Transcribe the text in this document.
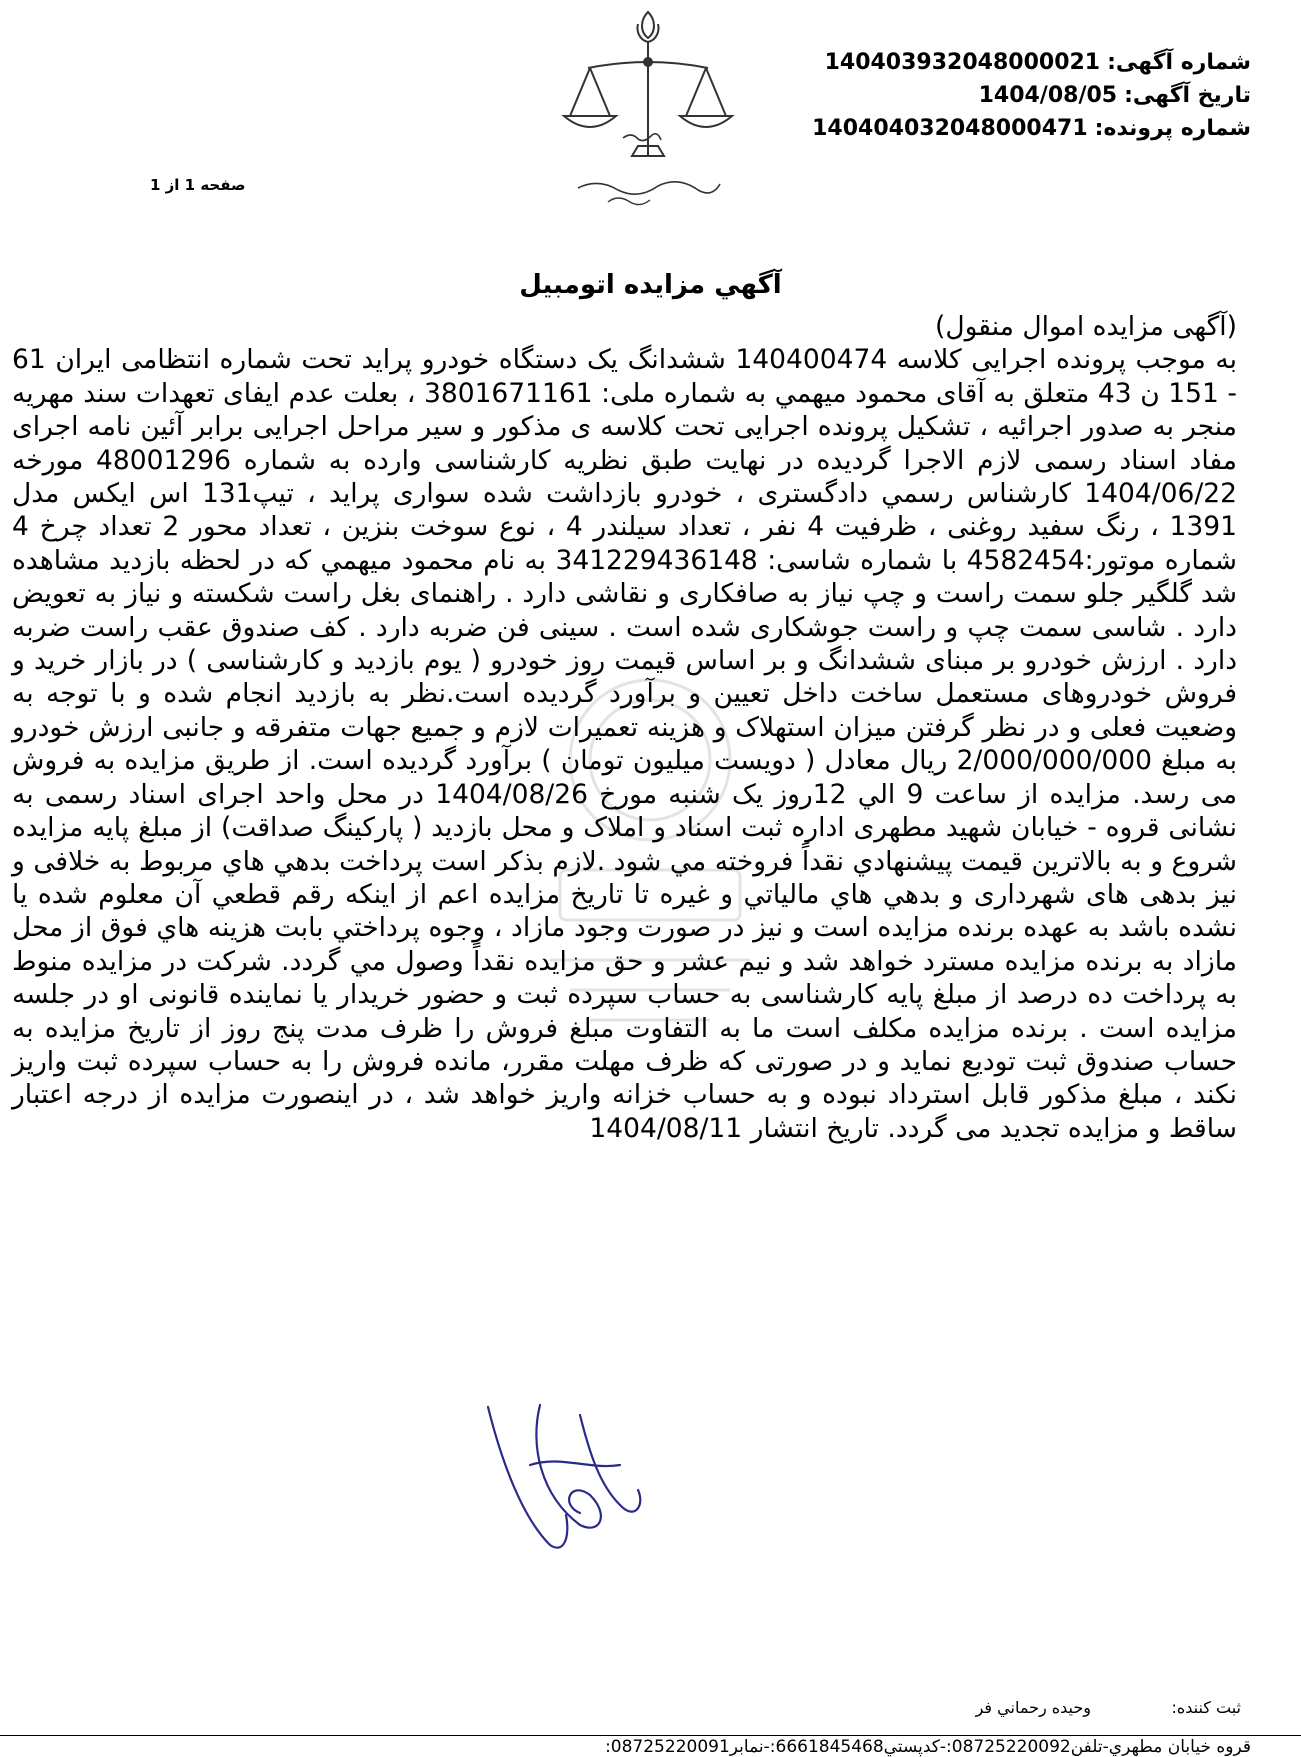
شماره آگهی: 140403932048000021
تاریخ آگهی: 1404/08/05
شماره پرونده: 140404032048000471
صفحه 1 از 1
آگهي مزایده اتومبیل
(آگهی مزایده اموال منقول)
به موجب پرونده اجرایی کلاسه 140400474 ششدانگ یک دستگاه خودرو پراید تحت شماره انتظامی ایران 61 - 151 ن 43 متعلق به آقای محمود میهمي به شماره ملی: 3801671161 ، بعلت عدم ایفای تعهدات سند مهریه منجر به صدور اجرائیه ، تشکیل پرونده اجرایی تحت کلاسه ی مذکور و سیر مراحل اجرایی برابر آئین نامه اجرای مفاد اسناد رسمی لازم الاجرا گردیده در نهایت طبق نظریه کارشناسی وارده به شماره 48001296 مورخه 1404/06/22 کارشناس رسمي دادگستری ، خودرو بازداشت شده سواری پراید ، تیپ131 اس ایکس مدل 1391 ، رنگ سفید روغنی ، ظرفیت 4 نفر ، تعداد سیلندر 4 ، نوع سوخت بنزین ، تعداد محور 2 تعداد چرخ 4 شماره موتور:4582454 با شماره شاسی: 341229436148 به نام محمود میهمي که در لحظه بازدید مشاهده شد گلگیر جلو سمت راست و چپ نیاز به صافکاری و نقاشی دارد . راهنمای بغل راست شکسته و نیاز به تعویض دارد . شاسی سمت چپ و راست جوشکاری شده است . سینی فن ضربه دارد . کف صندوق عقب راست ضربه دارد . ارزش خودرو بر مبنای ششدانگ و بر اساس قیمت روز خودرو ( یوم بازدید و کارشناسی ) در بازار خرید و فروش خودروهای مستعمل ساخت داخل تعیین و برآورد گردیده است.نظر به بازدید انجام شده و با توجه به وضعیت فعلی و در نظر گرفتن میزان استهلاک و هزینه تعمیرات لازم و جمیع جهات متفرقه و جانبی ارزش خودرو به مبلغ 2/000/000/000 ریال معادل ( دویست میلیون تومان ) برآورد گردیده است. از طریق مزایده به فروش می رسد. مزایده از ساعت 9 الي 12روز یک شنبه مورخ 1404/08/26 در محل واحد اجرای اسناد رسمی به نشانی قروه - خیابان شهید مطهری اداره ثبت اسناد و املاک و محل بازدید ( پارکینگ صداقت) از مبلغ پایه مزایده شروع و به بالاترین قیمت پیشنهادي نقداً فروخته مي شود .لازم بذکر است پرداخت بدهي هاي مربوط به خلافی و نیز بدهی های شهرداری و بدهي هاي مالياتي و غیره تا تاریخ مزایده اعم از اینکه رقم قطعي آن معلوم شده یا نشده باشد به عهده برنده مزایده است و نیز در صورت وجود مازاد ، وجوه پرداختي بابت هزینه هاي فوق از محل مازاد به برنده مزایده مسترد خواهد شد و نیم عشر و حق مزایده نقداً وصول مي گردد. شرکت در مزایده منوط به پرداخت ده درصد از مبلغ پایه کارشناسی به حساب سپرده ثبت و حضور خریدار یا نماینده قانونی او در جلسه مزایده است . برنده مزایده مکلف است ما به التفاوت مبلغ فروش را ظرف مدت پنج روز از تاریخ مزایده به حساب صندوق ثبت تودیع نماید و در صورتی که ظرف مهلت مقرر، مانده فروش را به حساب سپرده ثبت واریز نکند ، مبلغ مذکور قابل استرداد نبوده و به حساب خزانه واریز خواهد شد ، در اینصورت مزایده از درجه اعتبار ساقط و مزایده تجدید می گردد. تاریخ انتشار 1404/08/11
ثبت کننده:
وحیده رحماني فر
قروه خیابان مطهري-تلفن08725220092:-کدپستي6661845468:-نمابر08725220091:
